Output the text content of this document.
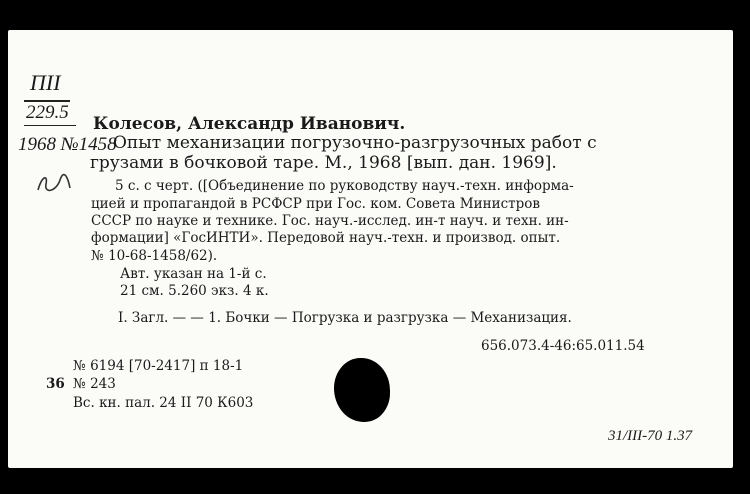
ПII
229.5
Колесов, Александр Иванович.
1968 №1458
Опыт механизации погрузочно-разгрузочных работ с
грузами в бочковой таре. М., 1968 [вып. дан. 1969].
5 с. с черт. ([Объединение по руководству науч.-техн. информа-
цией и пропагандой в РСФСР при Гос. ком. Совета Министров
СССР по науке и технике. Гос. науч.-исслед. ин-т науч. и техн. ин-
формации] «ГосИНТИ». Передовой науч.-техн. и производ. опыт.
№ 10-68-1458/62).
Авт. указан на 1-й с.
21 см. 5.260 экз. 4 к.
I. Загл. — — 1. Бочки — Погрузка и разгрузка — Механизация.
656.073.4-46:65.011.54
№ 6194 [70-2417] п 18-1
36 № 243
Вс. кн. пал. 24 II 70 К603
31/III-70 1.37
